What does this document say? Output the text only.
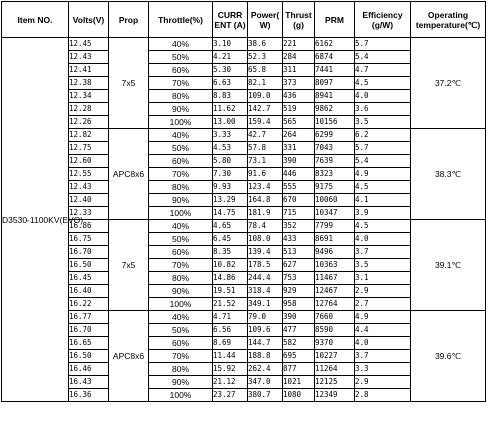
Item NO.	Volts(V)	Prop	Throttle(%)	CURR ENT (A)	Power( W)	Thrust (g)	PRM	Efficiency (g/W)	Operating temperature(℃)
D3530-1100KV(EVO)	12.45	7x5	40%	3.10	38.6	221	6162	5.7	37.2℃
	12.43		50%	4.21	52.3	284	6874	5.4	
	12.41		60%	5.30	65.8	311	7441	4.7	
	12.38		70%	6.63	82.1	373	8097	4.5	
	12.34		80%	8.83	109.0	436	8941	4.0	
	12.28		90%	11.62	142.7	519	9862	3.6	
	12.26		100%	13.00	159.4	565	10156	3.5	
	12.82	APC8x6	40%	3.33	42.7	264	6299	6.2	38.3℃
	12.75		50%	4.53	57.8	331	7043	5.7	
	12.60		60%	5.80	73.1	390	7639	5.4	
	12.55		70%	7.30	91.6	446	8323	4.9	
	12.43		80%	9.93	123.4	555	9175	4.5	
	12.40		90%	13.29	164.8	670	10060	4.1	
	12.33		100%	14.75	181.9	715	10347	3.9	
	16.86	7x5	40%	4.65	78.4	352	7799	4.5	39.1℃
	16.75		50%	6.45	108.0	433	8691	4.0	
	16.70		60%	8.35	139.4	513	9496	3.7	
	16.50		70%	10.82	178.5	627	10363	3.5	
	16.45		80%	14.86	244.4	753	11467	3.1	
	16.40		90%	19.51	318.4	929	12467	2.9	
	16.22		100%	21.52	349.1	958	12764	2.7	
	16.77	APC8x6	40%	4.71	79.0	390	7660	4.9	39.6℃
	16.70		50%	6.56	109.6	477	8590	4.4	
	16.65		60%	8.69	144.7	582	9370	4.0	
	16.50		70%	11.44	188.8	695	10227	3.7	
	16.46		80%	15.92	262.4	877	11264	3.3	
	16.43		90%	21.12	347.0	1021	12125	2.9	
	16.36		100%	23.27	380.7	1080	12349	2.8	
